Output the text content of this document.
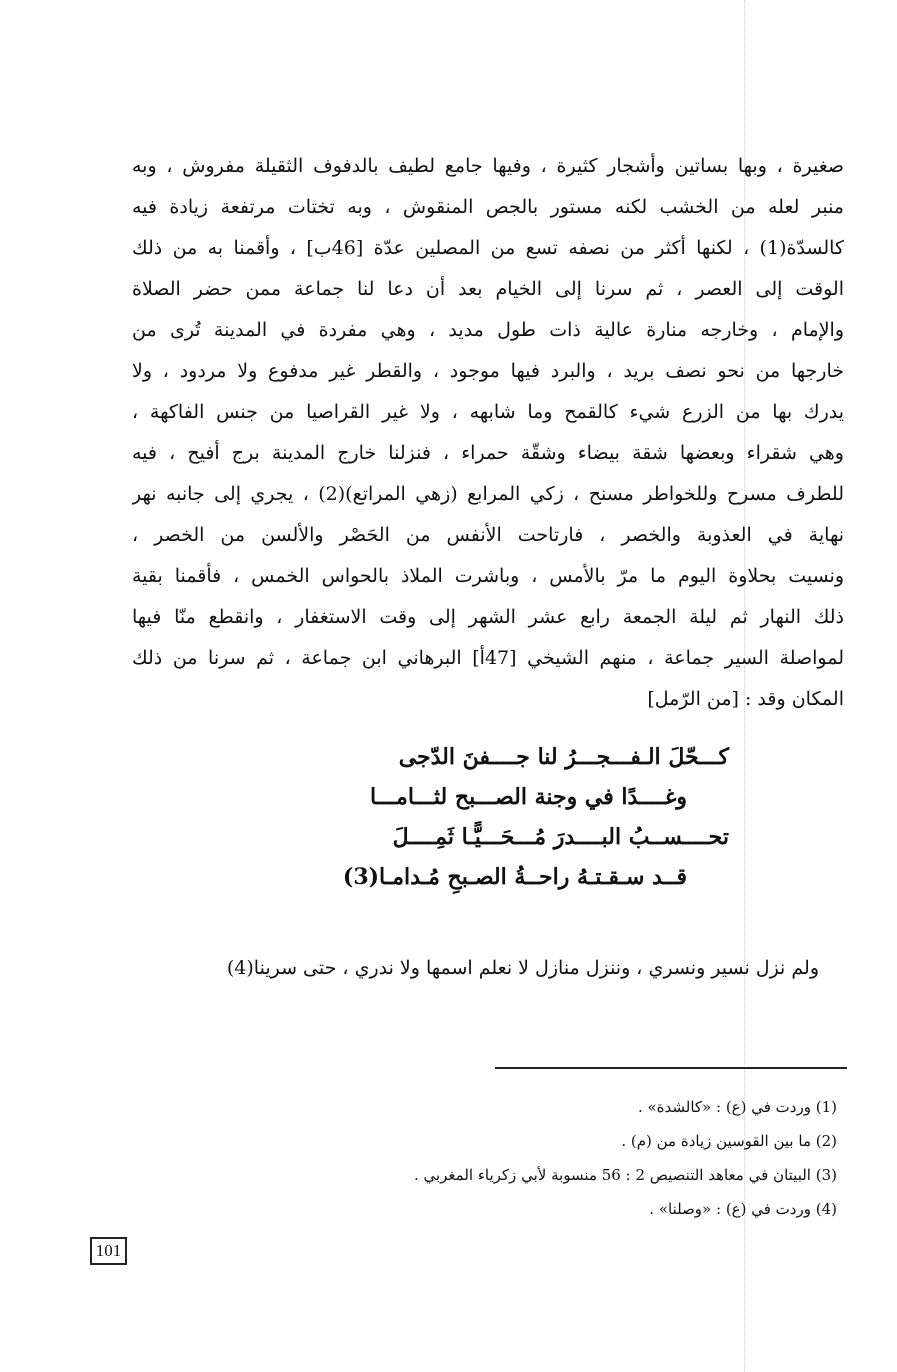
صغيرة ، وبها بساتين وأشجار كثيرة ، وفيها جامع لطيف بالدفوف الثقيلة مفروش ، وبه
منبر لعله من الخشب لكنه مستور بالجص المنقوش ، وبه تختات مرتفعة زيادة فيه
كالسدّة(1) ، لكنها أكثر من نصفه تسع من المصلين عدّة [46ب] ، وأقمنا به من ذلك
الوقت إلى العصر ، ثم سرنا إلى الخيام بعد أن دعا لنا جماعة ممن حضر الصلاة
والإمام ، وخارجه منارة عالية ذات طول مديد ، وهي مفردة في المدينة تُرى من
خارجها من نحو نصف بريد ، والبرد فيها موجود ، والقطر غير مدفوع ولا مردود ، ولا
يدرك بها من الزرع شيء كالقمح وما شابهه ، ولا غير القراصيا من جنس الفاكهة ،
وهي شقراء وبعضها شقة بيضاء وشقّة حمراء ، فنزلنا خارج المدينة برج أفيح ، فيه
للطرف مسرح وللخواطر مسنح ، زكي المرابع (زهي المراتع)(2) ، يجري إلى جانبه نهر
نهاية في العذوبة والخصر ، فارتاحت الأنفس من الحَصْر والألسن من الخصر ،
ونسيت بحلاوة اليوم ما مرّ بالأمس ، وباشرت الملاذ بالحواس الخمس ، فأقمنا بقية
ذلك النهار ثم ليلة الجمعة رابع عشر الشهر إلى وقت الاستغفار ، وانقطع منّا فيها
لمواصلة السير جماعة ، منهم الشيخي [47أ] البرهاني ابن جماعة ، ثم سرنا من ذلك
المكان وقد : [من الرّمل]
كـــحّلَ الـفـــجـــرُ لنا جــــفنَ الدّجى
وغــــدًا في وجنة الصـــبح لثـــامـــا
تحــــســبُ البــــدرَ مُـــحَـــيًّـا ثَمِــــلَ
قــد سـقـتـهُ راحــةُ الصـبحِ مُـدامـا(3)
ولم نزل نسير ونسري ، وننزل منازل لا نعلم اسمها ولا ندري ، حتى سرينا(4)
(1) وردت في (ع) : «كالشدة» .
(2) ما بين القوسين زيادة من (م) .
(3) البيتان في معاهد التنصيص 2 : 56 منسوبة لأبي زكرياء المغربي .
(4) وردت في (ع) : «وصلنا» .
101
